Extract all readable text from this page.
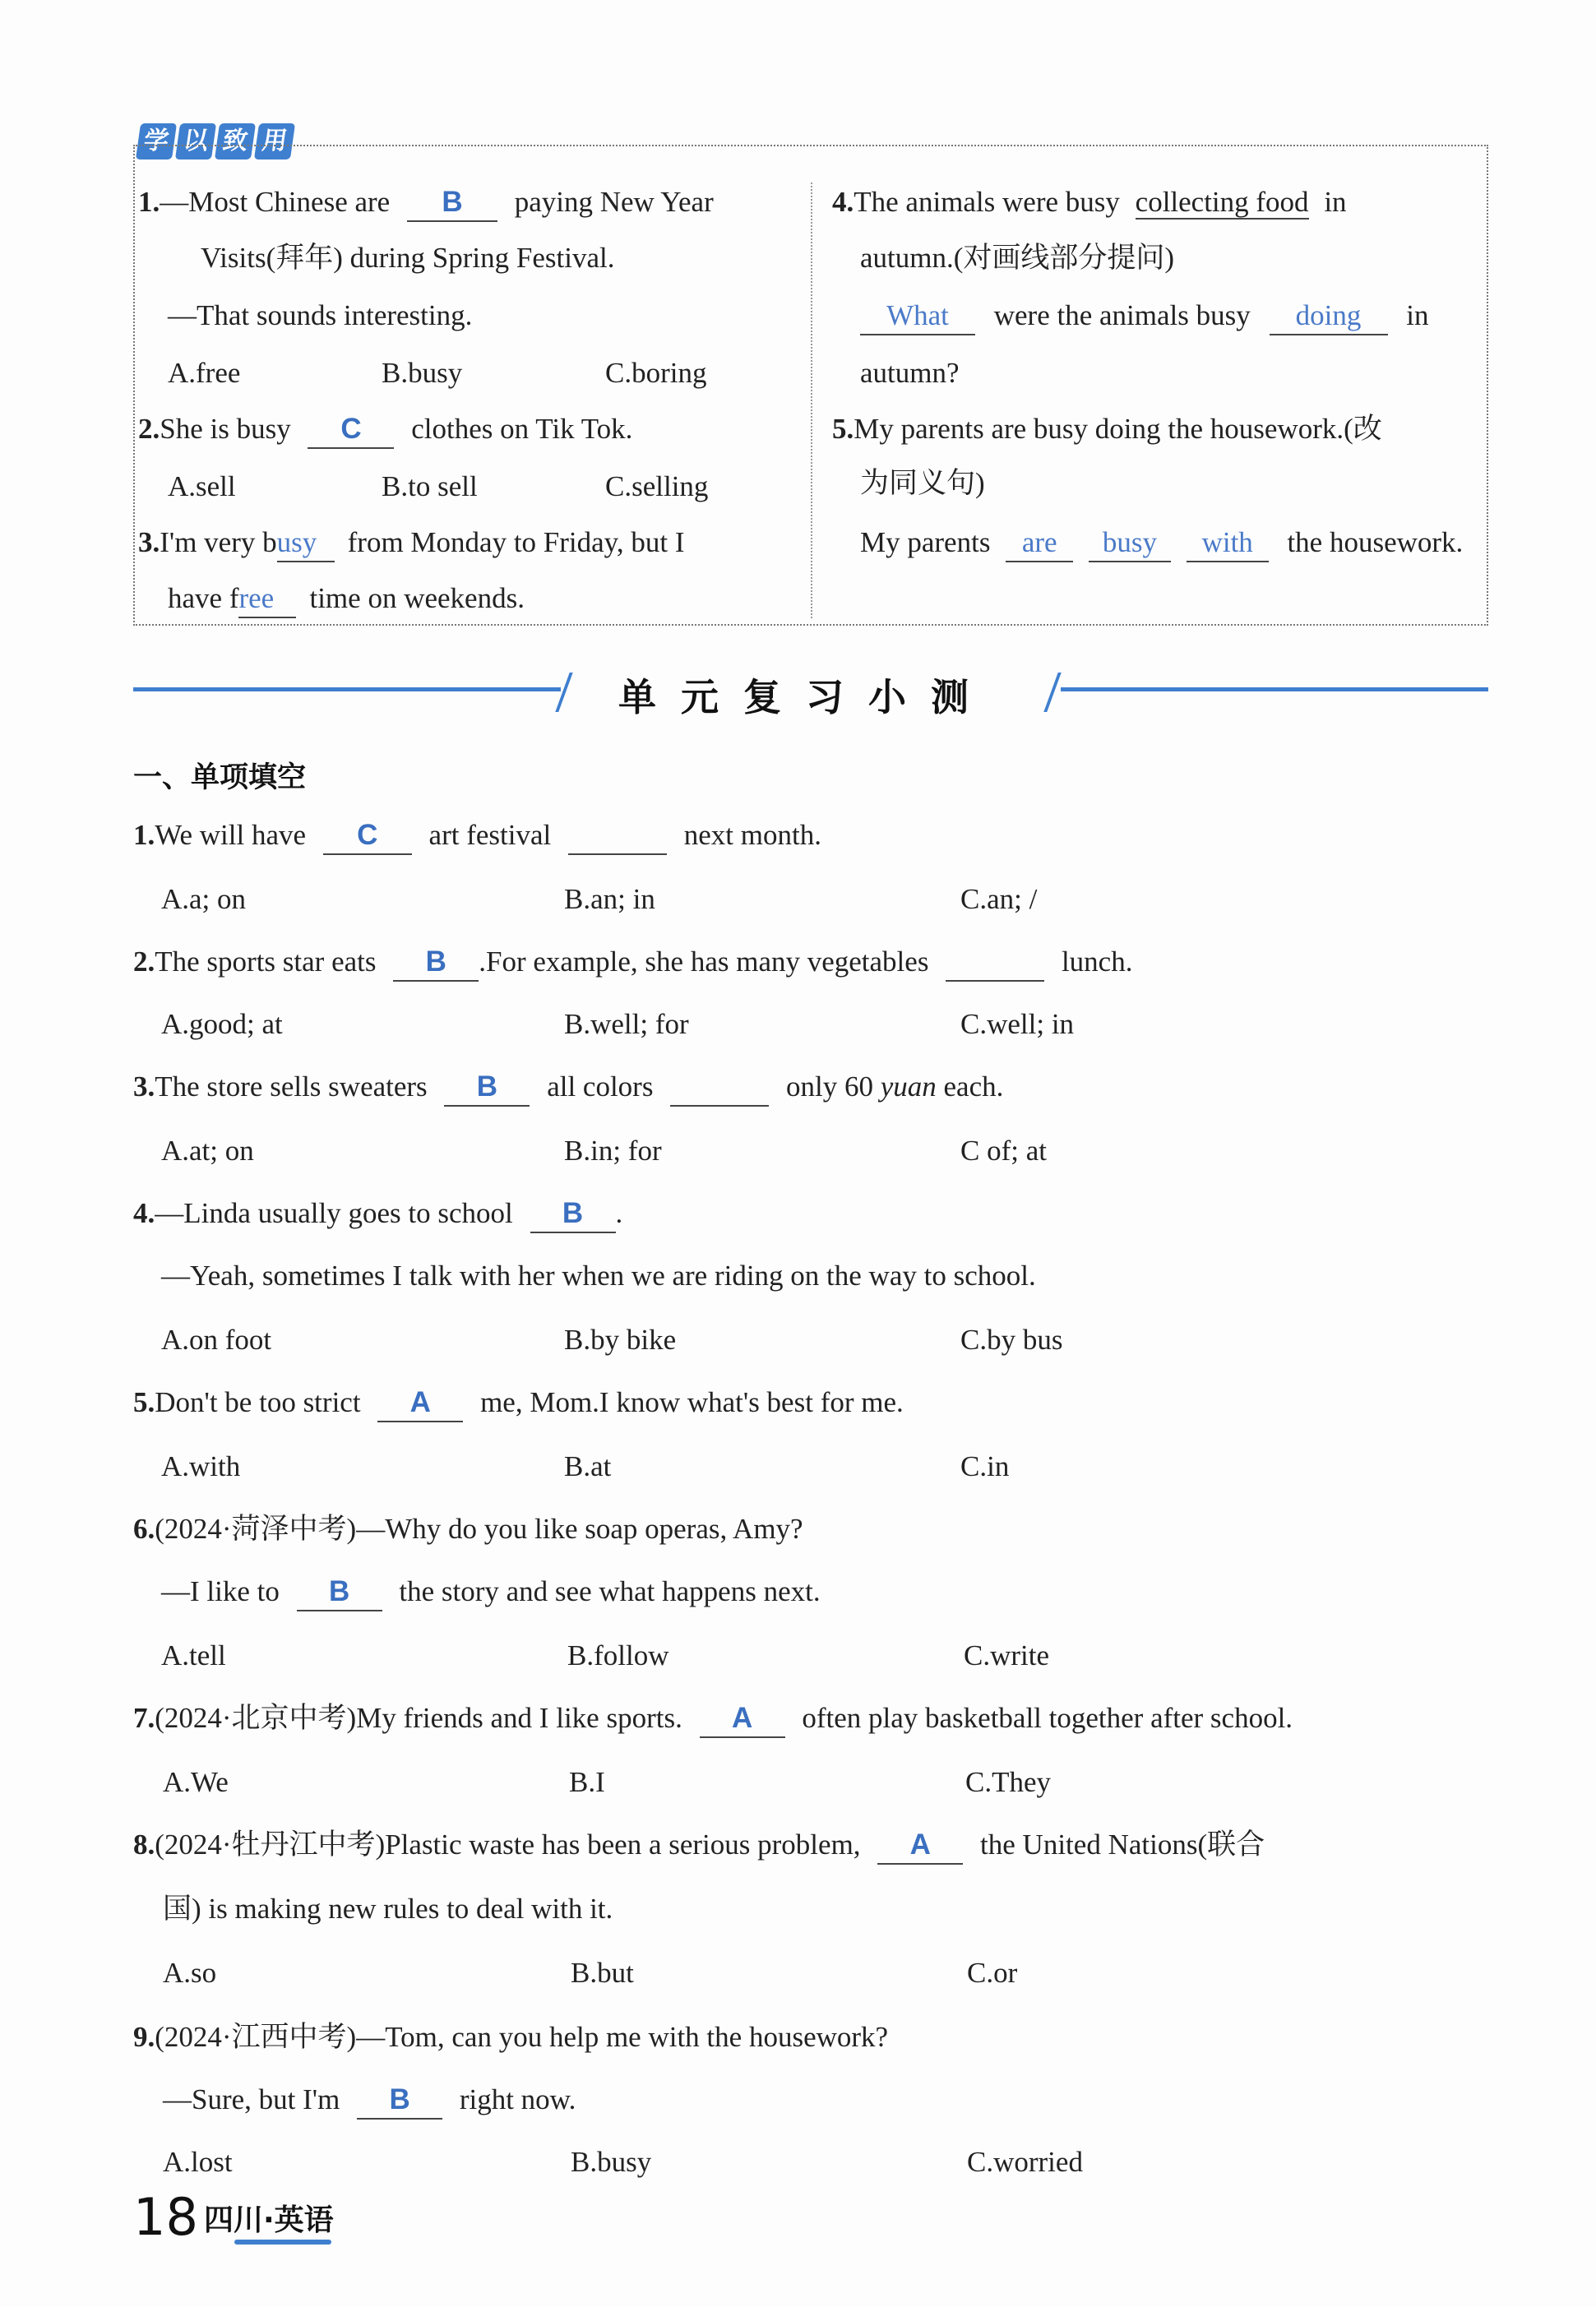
学 以 致 用
1.—Most Chinese are B paying New Year
Visits(拜年) during Spring Festival.
—That sounds interesting.
A.free	B.busy	C.boring
2.She is busy C clothes on Tik Tok.
A.sell	B.to sell	C.selling
3.I'm very busy from Monday to Friday, but I
have free time on weekends.
4.The animals were busy collecting food in
autumn.(对画线部分提问)
What were the animals busy doing in
autumn?
5.My parents are busy doing the housework.(改
为同义句)
My parents are busy with the housework.
单元复习小测
一、单项填空
1.We will have C art festival	next month.
A.a; on	B.an; in	C.an; /
2.The sports star eats B .For example, she has many vegetables	lunch.
A.good; at	B.well; for	C.well; in
3.The store sells sweaters B all colors	only 60 yuan each.
A.at; on	B.in; for	C of; at
4.—Linda usually goes to school B .
—Yeah, sometimes I talk with her when we are riding on the way to school.
A.on foot	B.by bike	C.by bus
5.Don't be too strict A me, Mom.I know what's best for me.
A.with	B.at	C.in
6.(2024·菏泽中考)—Why do you like soap operas, Amy?
—I like to B the story and see what happens next.
A.tell	B.follow	C.write
7.(2024·北京中考)My friends and I like sports. A often play basketball together after school.
A.We	B.I	C.They
8.(2024·牡丹江中考)Plastic waste has been a serious problem, A the United Nations(联合
国) is making new rules to deal with it.
A.so	B.but	C.or
9.(2024·江西中考)—Tom, can you help me with the housework?
—Sure, but I'm B right now.
A.lost	B.busy	C.worried
18 四川·英语
